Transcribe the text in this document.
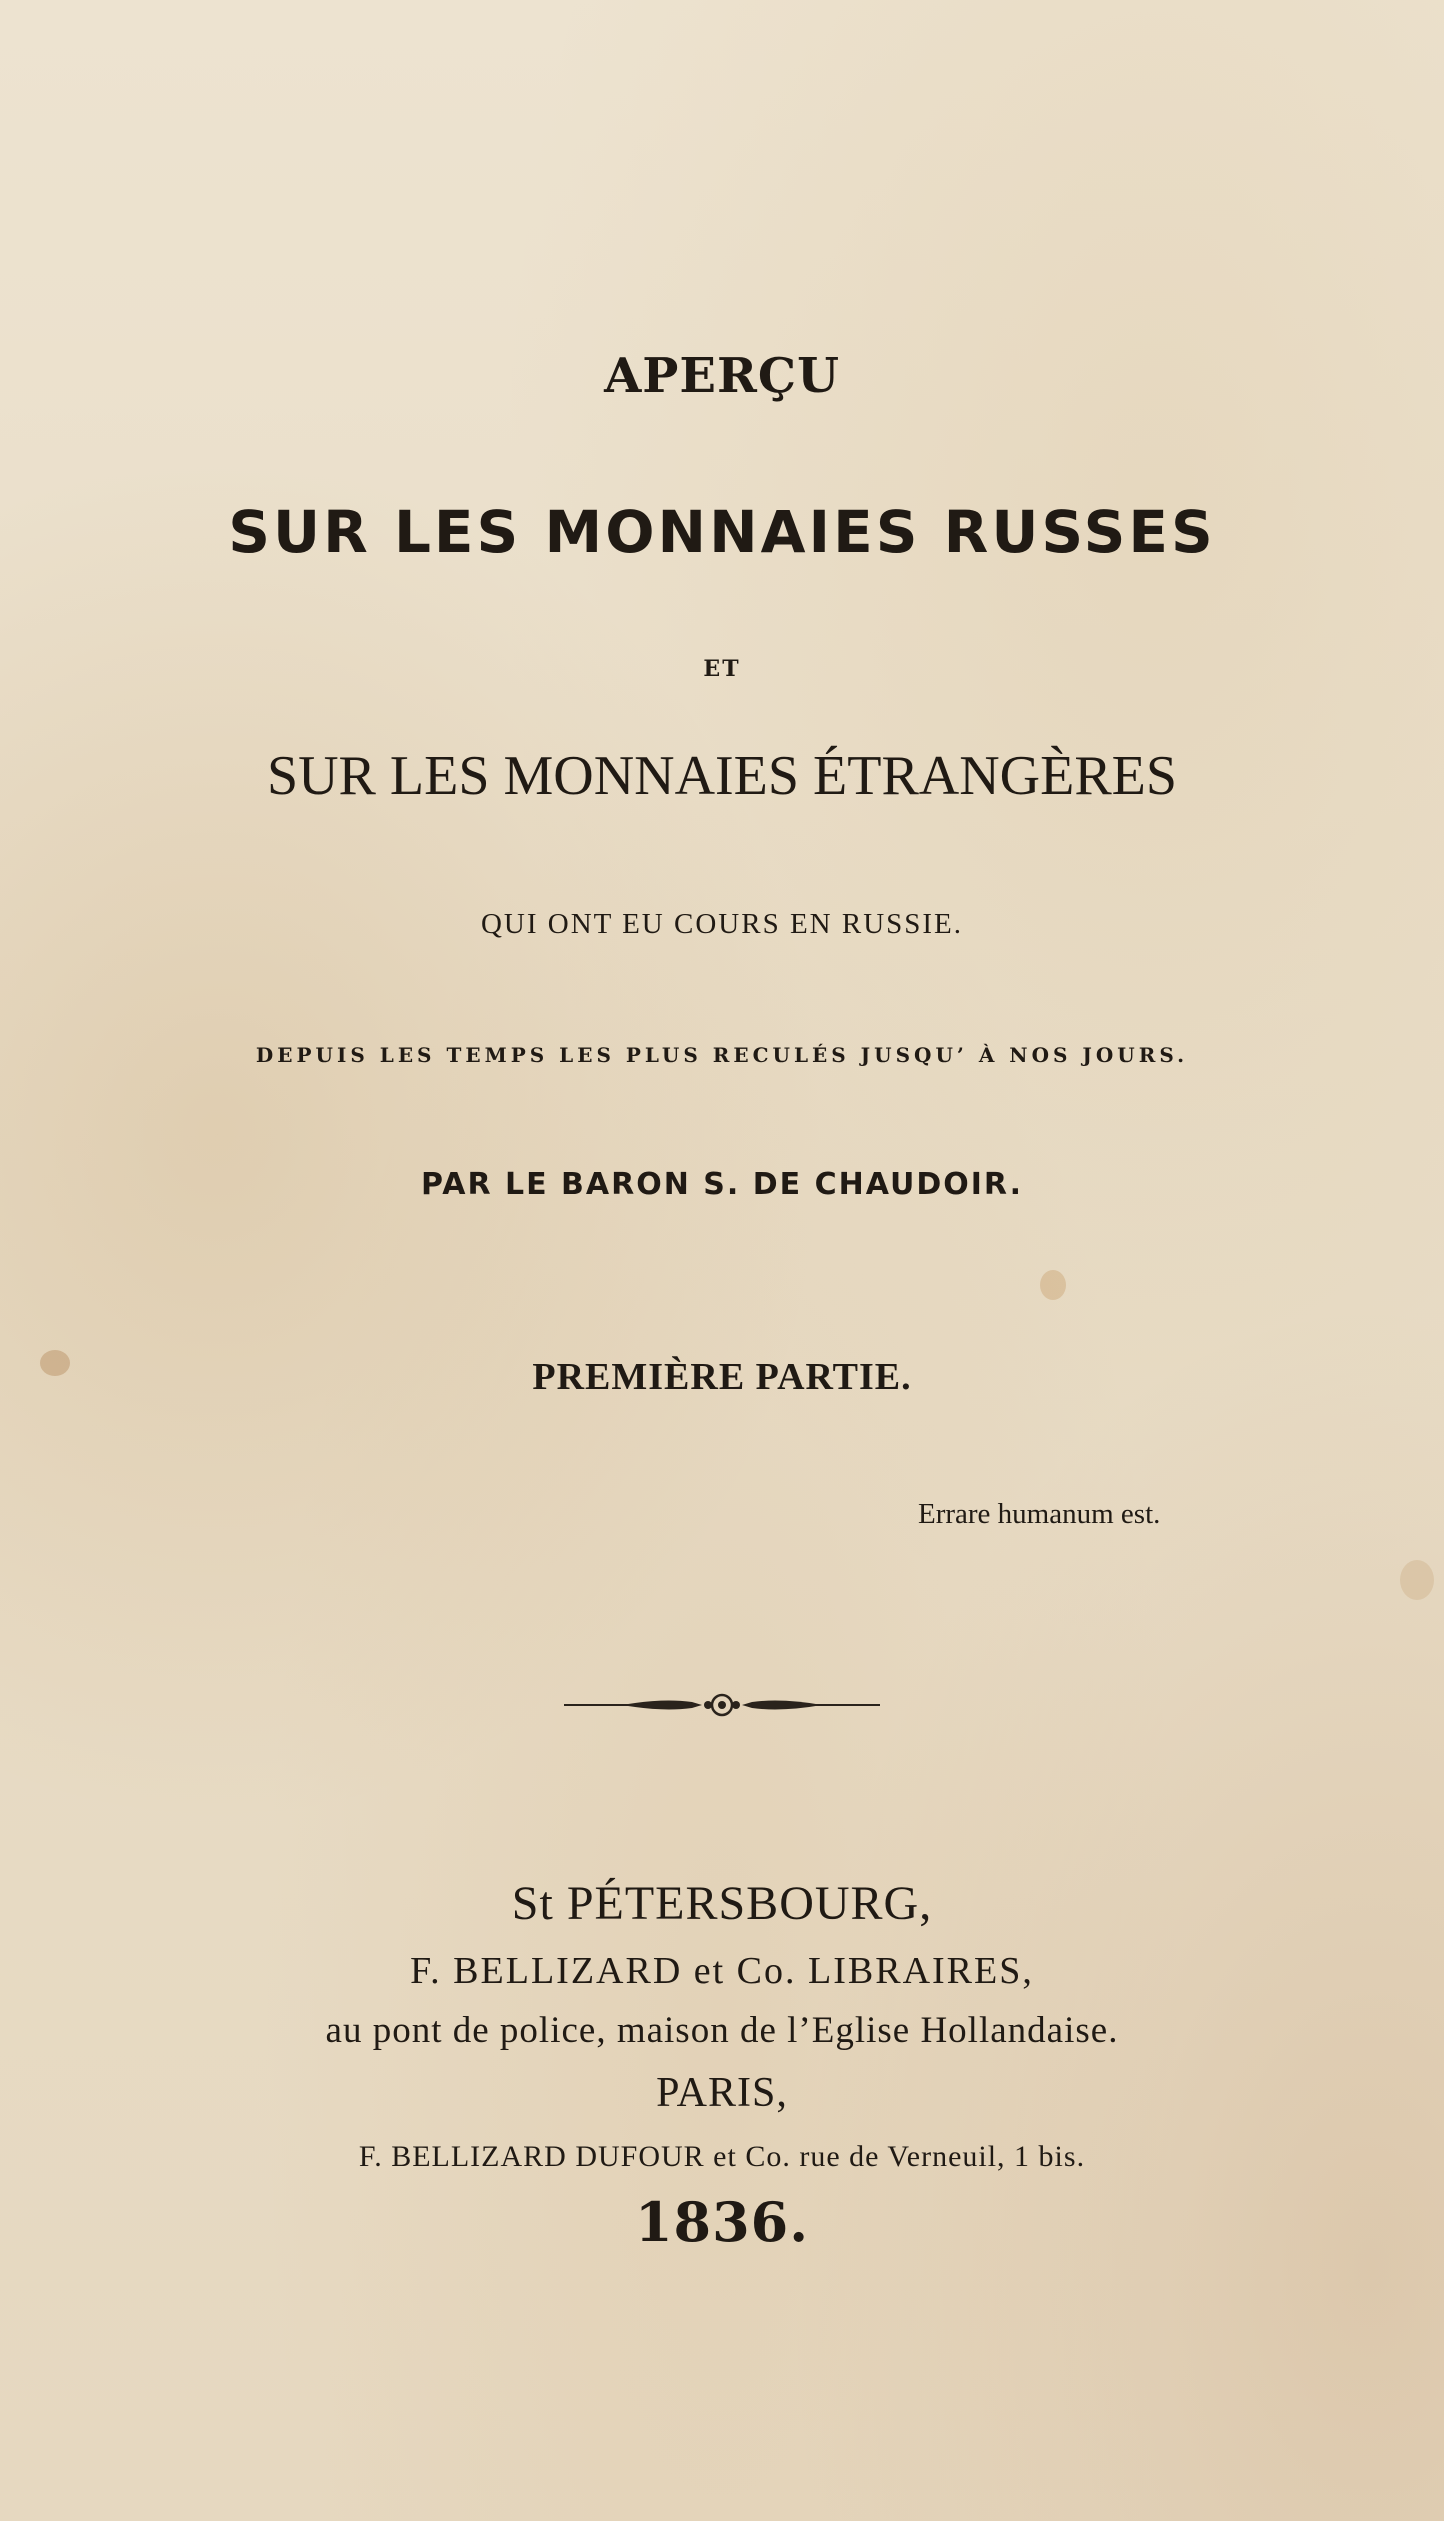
APERÇU
SUR LES MONNAIES RUSSES
ET
SUR LES MONNAIES ÉTRANGÈRES
QUI ONT EU COURS EN RUSSIE.
DEPUIS LES TEMPS LES PLUS RECULÉS JUSQU’ À NOS JOURS.
PAR LE BARON S. DE CHAUDOIR.
PREMIÈRE PARTIE.
Errare humanum est.
St PÉTERSBOURG,
F. BELLIZARD et Co. LIBRAIRES,
au pont de police, maison de l’Eglise Hollandaise.
PARIS,
F. BELLIZARD DUFOUR et Co. rue de Verneuil, 1 bis.
1836.
